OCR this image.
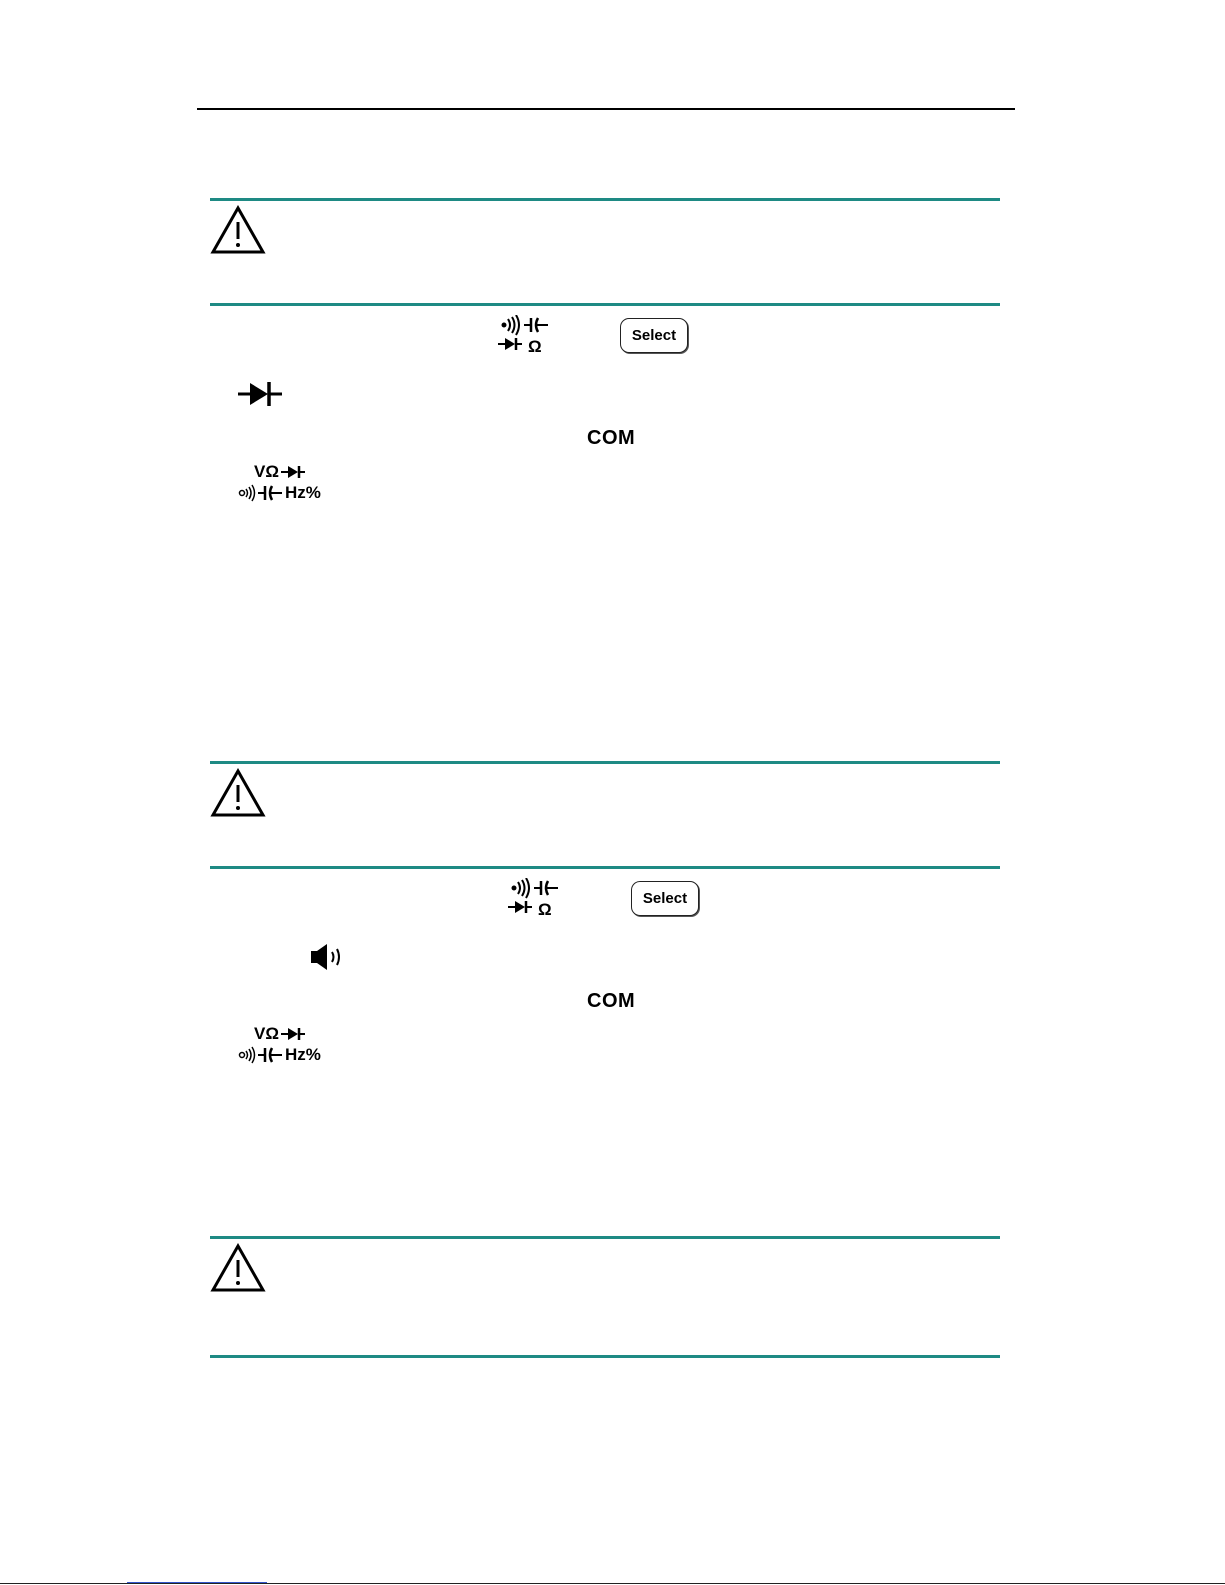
Ω
Select
COM
VΩ
Hz%
Ω
Select
COM
VΩ
Hz%
